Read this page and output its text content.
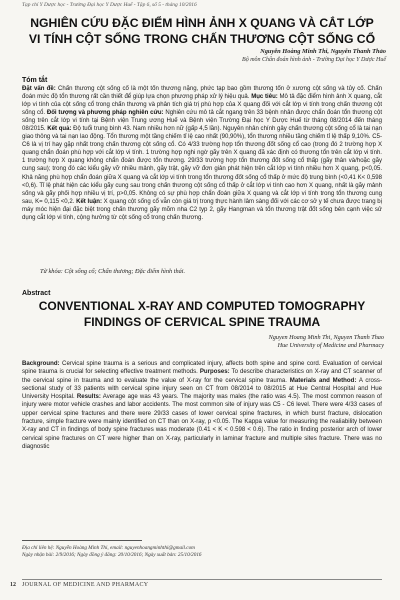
Tạp chí Y Dược học - Trường Đại học Y Dược Huế - Tập 6, số 5 - tháng 10/2016
NGHIÊN CỨU ĐẶC ĐIỂM HÌNH ẢNH X QUANG VÀ CẮT LỚP VI TÍNH CỘT SỐNG TRONG CHẤN THƯƠNG CỘT SỐNG CỔ
Nguyễn Hoàng Minh Thi, Nguyễn Thanh Thảo
Bộ môn Chẩn đoán hình ảnh - Trường Đại học Y Dược Huế
Tóm tắt
Đặt vấn đề: Chấn thương cột sống cổ là một tổn thương nặng, phức tạp bao gồm thương tổn ở xương cột sống và tủy cổ. Chẩn đoán mức độ tổn thương rất cần thiết để giúp lựa chọn phương pháp xử lý hiệu quả. Mục tiêu: Mô tả đặc điểm hình ảnh X quang, cắt lớp vi tính của cột sống cổ trong chấn thương và phân tích giá trị phù hợp của X quang đối với cắt lớp vi tính trong chấn thương cột sống cổ. Đối tượng và phương pháp nghiên cứu: Nghiên cứu mô tả cắt ngang trên 33 bệnh nhân được chẩn đoán tổn thương cột sống trên cắt lớp vi tính tại Bệnh viện Trung ương Huế và Bệnh viện Trường Đại học Y Dược Huế từ tháng 08/2014 đến tháng 08/2015. Kết quả: Độ tuổi trung bình 43. Nam nhiều hơn nữ (gấp 4,5 lần). Nguyên nhân chính gây chấn thương cột sống cổ là tai nạn giao thông và tai nạn lao động. Tổn thương một tầng chiếm tỉ lệ cao nhất (90,90%), tổn thương nhiều tầng chiếm tỉ lệ thấp 9,10%. C5-C6 là vị trí hay gặp nhất trong chấn thương cột sống cổ. Có 4/33 trường hợp tổn thương đốt sống cổ cao (trong đó 2 trường hợp X quang chẩn đoán phù hợp với cắt lớp vi tính. 1 trường hợp nghi ngờ gãy trên X quang đã xác định có thương tổn trên cắt lớp vi tính. 1 trường hợp X quang không chẩn đoán được tổn thương. 29/33 trường hợp tổn thương đốt sống cổ thấp (gãy thân và/hoặc gãy cung sau); trong đó các kiểu gãy vỡ nhiều mảnh, gãy trật, gãy vỡ đơn giản phát hiện trên cắt lớp vi tính nhiều hơn X quang, p<0,05. Khả năng phù hợp chẩn đoán giữa X quang và cắt lớp vi tính trong tổn thương đốt sống cổ thấp ở mức độ trung bình (<0,41 K< 0,598 <0,6). Tỉ lệ phát hiện các kiểu gãy cung sau trong chấn thương cột sống cổ thấp ở cắt lớp vi tính cao hơn X quang, nhất là gãy mảnh sống và gãy phối hợp nhiều vị trí, p>0,05. Không có sự phù hợp chẩn đoán giữa X quang và cắt lớp vi tính trong tổn thương cung sau, K= 0,115 <0,2. Kết luận: X quang cột sống cổ vẫn còn giá trị trong thực hành lâm sàng đối với các cơ sở y tế chưa được trang bị máy móc hiện đại đặc biệt trong chấn thương gãy mõm nha C2 typ 2, gãy Hangman và tổn thương trật đốt sống bên cạnh việc sử dụng cắt lớp vi tính, cộng hưởng từ cột sống cổ trong chấn thương.
Từ khóa: Cột sống cổ; Chấn thương; Đặc điểm hình thái.
Abstract
CONVENTIONAL X-RAY AND COMPUTED TOMOGRAPHY FINDINGS OF CERVICAL SPINE TRAUMA
Nguyen Hoang Minh Thi, Nguyen Thanh Thao
Hue University of Medicine and Pharmacy
Background: Cervical spine trauma is a serious and complicated injury, affects both spine and spine cord. Evaluation of cervical spine trauma is crucial for selecting effective treatment methods. Purposes: To describe characteristics on X-ray and CT scanner of the cervical spine in trauma and to evaluate the value of X-ray for the cervical spine trauma. Materials and Method: A cross-sectional study of 33 patients with cervical spine injury seen on CT from 08/2014 to 08/2015 at Hue Central Hospital and Hue University Hospital. Results: Average age was 43 years. The majority was males (the ratio was 4.5). The most common reason of injury were motor vehicle crashes and labor accidents. The most common site of injury was C5 - C6 level. There were 4/33 cases of upper cervical spine fractures and there were 29/33 cases of lower cervical spine fractures, in which burst fracture, dislocation fracture, simple fracture were mainly identified on CT than on X-ray, p <0.05. The Kappa value for measuring the realiability between X-ray and CT in findings of body spine fractures was moderate (0.41 < K < 0.598 < 0.6). The ratio in finding posterior arch of lower cervical spine fractures on CT were higher than on X-ray, particularly in laminar fracture and multiple sites fracture. There was no diagnostic
Địa chỉ liên hệ: Nguyễn Hoàng Minh Thi, email: nguyenhoangminhthi@gmail.com
Ngày nhận bài: 2/9/2016; Ngày đồng ý đăng: 20/10/2016; Ngày xuất bản: 25/10/2016
12 JOURNAL OF MEDICINE AND PHARMACY
